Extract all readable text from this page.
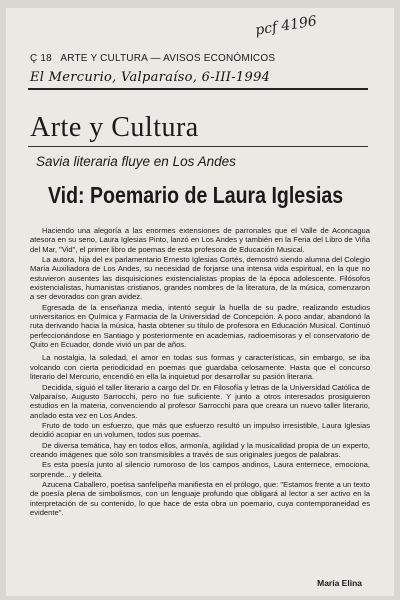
pcf 4196
Ç 18 ARTE Y CULTURA — AVISOS ECONÓMICOS
El Mercurio, Valparaíso, 6-III-1994
Arte y Cultura
Savia literaria fluye en Los Andes
Vid: Poemario de Laura Iglesias

Haciendo una alegoría a las enormes extensiones de parronales que el Valle de Aconcagua atesora en su seno, Laura Iglesias Pinto, lanzó en Los Andes y también en la Feria del Libro de Viña del Mar, "Vid", el primer libro de poemas de esta profesora de Educación Musical.

La autora, hija del ex parlamentario Ernesto Iglesias Cortés, demostró siendo alumna del Colegio María Auxiliadora de Los Andes, su necesidad de forjarse una intensa vida espiritual, en la que no estuvieron ausentes las disquisiciones existencialistas propias de la época adolescente. Filósofos existencialistas, humanistas cristianos, grandes nombres de la literatura, de la música, comenzaron a ser devorados con gran avidez.

Egresada de la enseñanza media, intentó seguir la huella de su padre, realizando estudios universitarios en Química y Farmacia de la Universidad de Concepción. A poco andar, abandonó la ruta derivando hacia la música, hasta obtener su título de profesora en Educación Musical. Continuó perfeccionándose en Santiago y posteriormente en academias, radioemisoras y el conservatorio de Quito en Ecuador, donde vivió un par de años.

La nostalgia, la soledad, el amor en todas sus formas y características, sin embargo, se iba volcando con cierta periodicidad en poemas que guardaba celosamente. Hasta que el concurso literario del Mercurio, encendió en ella la inquietud por desarrollar su pasión literaria.

Decidida, siguió el taller literario a cargo del Dr. en Filosofía y letras de la Universidad Católica de Valparaíso, Augusto Sarrocchi, pero no fue suficiente. Y junto a otros interesados prosiguieron estudios en la materia, convenciendo al profesor Sarrocchi para que creara un nuevo taller literario, anclado esta vez en Los Andes.

Fruto de todo un esfuerzo, que más que esfuerzo resultó un impulso irresistible, Laura Iglesias decidió acopiar en un volumen, todos sus poemas.

De diversa temática, hay en todos ellos, armonía, agilidad y la musicalidad propia de un experto, creando imágenes que sólo son transmisibles a través de sus originales juegos de palabras.

Es esta poesía junto al silencio rumoroso de los campos andinos, Laura enternece, emociona, sorprende... y deleita.

Azucena Caballero, poetisa sanfelipeña manifiesta en el prólogo, que: "Estamos frente a un texto de poesía plena de simbolismos, con un lenguaje profundo que obligará al lector a ser activo en la interpretación de su contenido, lo que hace de esta obra un poemario, cuya contemporaneidad es evidente".

María Elina
